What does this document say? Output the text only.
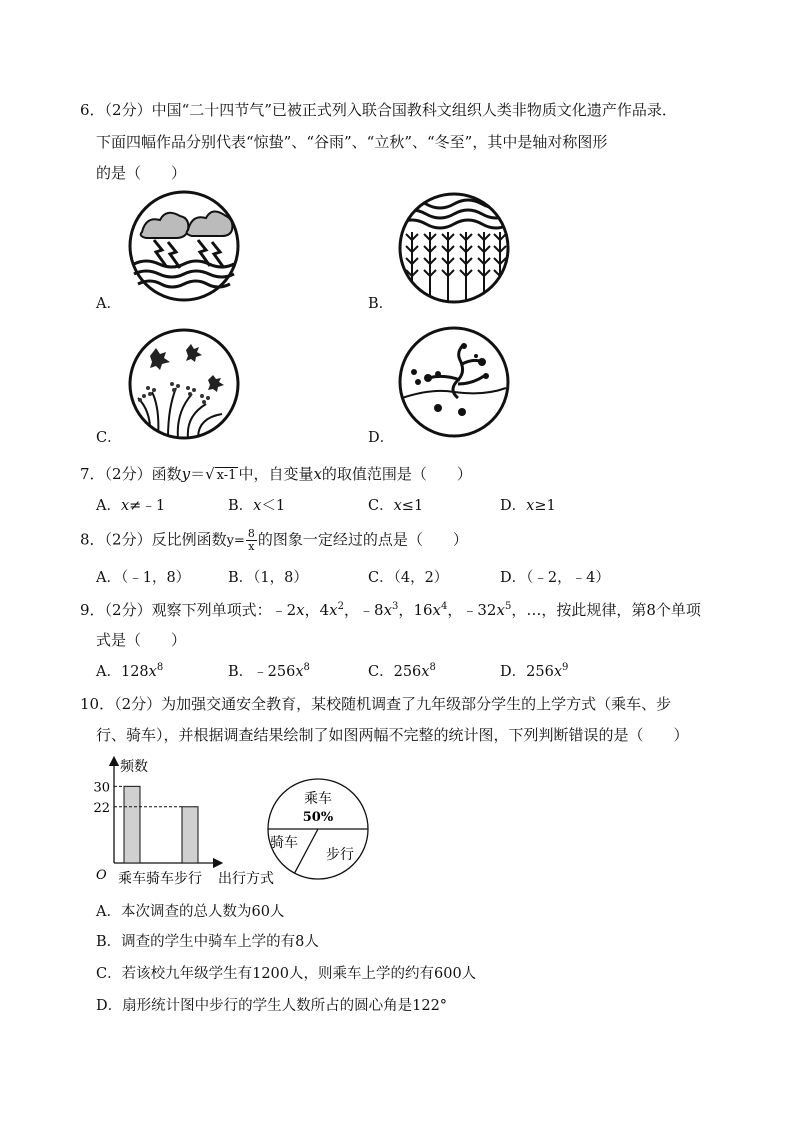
6．（2分）中国“二十四节气”已被正式列入联合国教科文组织人类非物质文化遗产作品录．
下面四幅作品分别代表“惊蛰”、“谷雨”、“立秋”、“冬至”，其中是轴对称图形
的是（　　）
A．	B．
C．	D．
7．（2分）函数y＝√ x-1 中，自变量x的取值范围是（　　）
A．x≠﹣1	B．x＜1	C．x≤1	D．x≥1
8．（2分）反比例函数$y= \frac{8}{x}$ 的图象一定经过的点是（　　）
A．（﹣1，8）	B．（1，8）	C．（4，2）	D．（﹣2，﹣4）
9．（2分）观察下列单项式：﹣2x，$4x^2$，$﹣8x^3$，$16x^4$，$﹣32x^5$，…，按此规律，第8个单项
式是（　　）
A．$128x^8$	B．$﹣256x^8$	C．$256x^8$	D．$256x^9$
10．（2分）为加强交通安全教育，某校随机调查了九年级部分学生的上学方式（乘车、步
行、骑车），并根据调查结果绘制了如图两幅不完整的统计图，下列判断错误的是（　　）
乘车骑车步行
22
30
频数
出行方式
O
乘车
50%
骑车
步行
A．本次调查的总人数为60人
B．调查的学生中骑车上学的有8人
C．若该校九年级学生有1200人，则乘车上学的约有600人
D．扇形统计图中步行的学生人数所占的圆心角是122°
